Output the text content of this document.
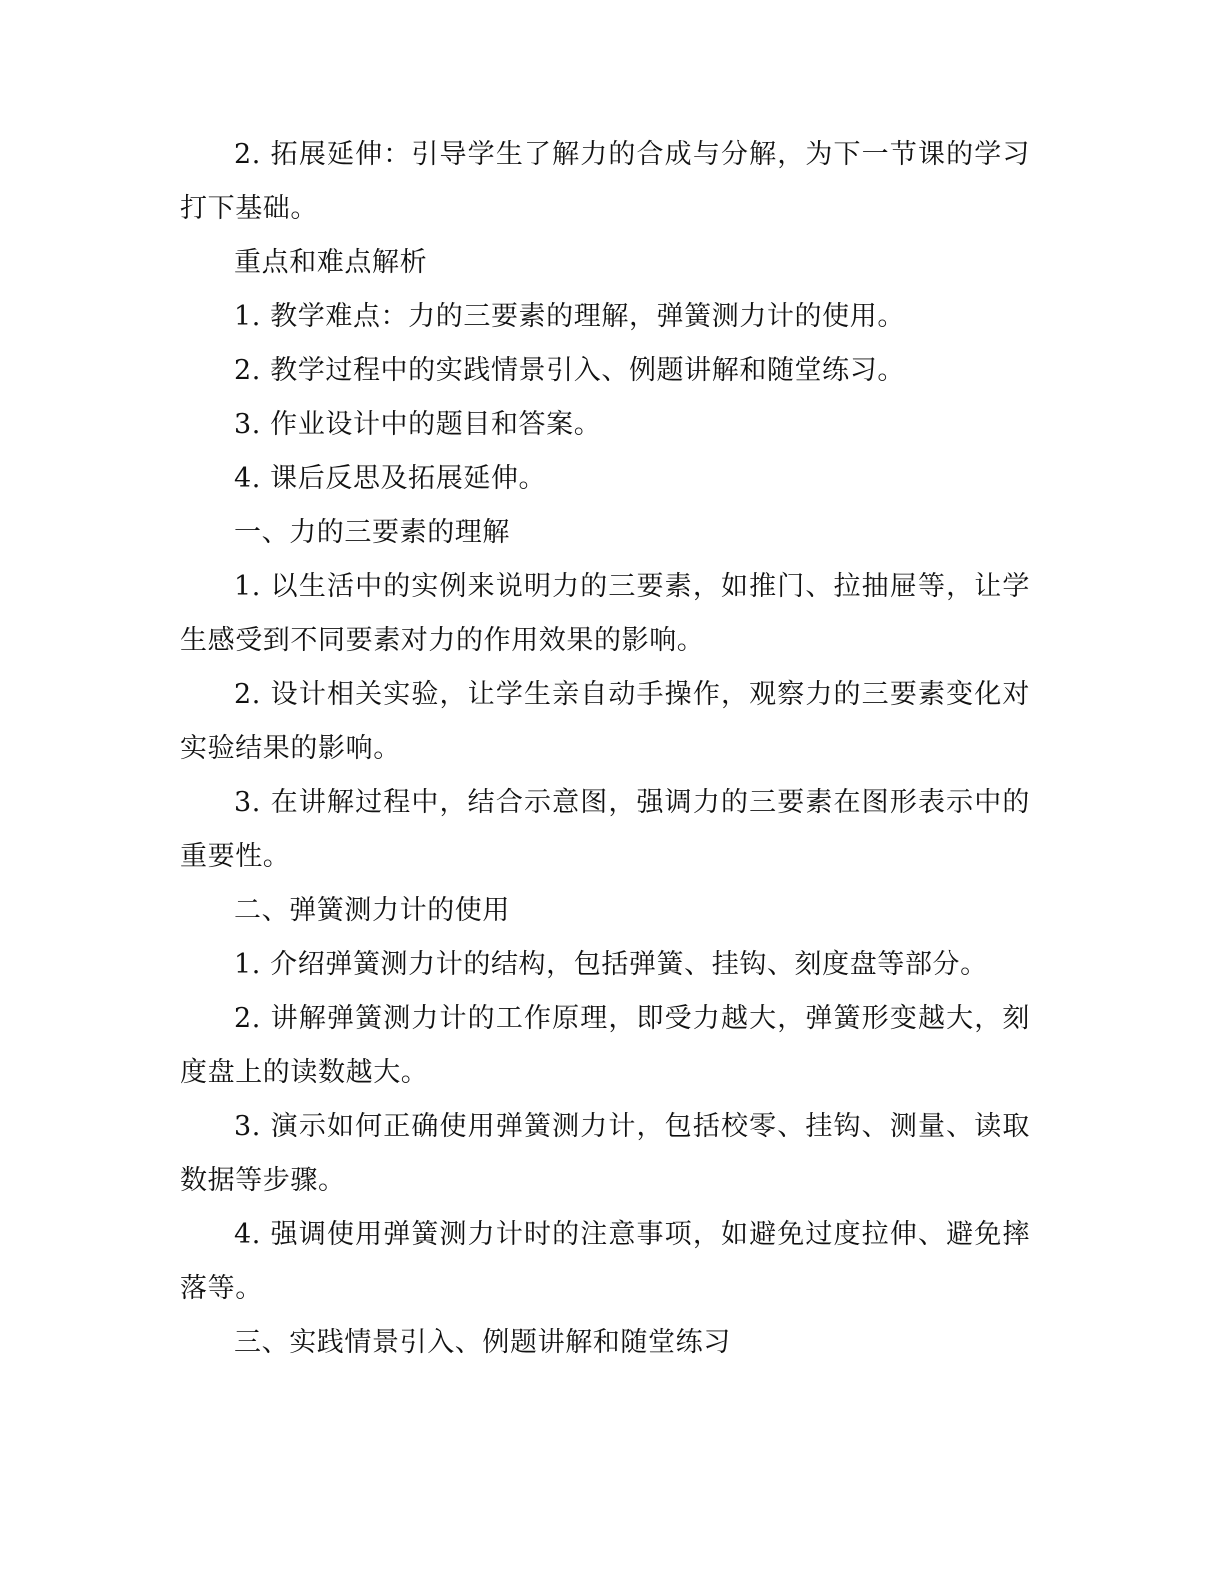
2. 拓展延伸：引导学生了解力的合成与分解，为下一节课的学习打下基础。

重点和难点解析

1. 教学难点：力的三要素的理解，弹簧测力计的使用。

2. 教学过程中的实践情景引入、例题讲解和随堂练习。

3. 作业设计中的题目和答案。

4. 课后反思及拓展延伸。

一、力的三要素的理解

1. 以生活中的实例来说明力的三要素，如推门、拉抽屉等，让学生感受到不同要素对力的作用效果的影响。

2. 设计相关实验，让学生亲自动手操作，观察力的三要素变化对实验结果的影响。

3. 在讲解过程中，结合示意图，强调力的三要素在图形表示中的重要性。

二、弹簧测力计的使用

1. 介绍弹簧测力计的结构，包括弹簧、挂钩、刻度盘等部分。

2. 讲解弹簧测力计的工作原理，即受力越大，弹簧形变越大，刻度盘上的读数越大。

3. 演示如何正确使用弹簧测力计，包括校零、挂钩、测量、读取数据等步骤。

4. 强调使用弹簧测力计时的注意事项，如避免过度拉伸、避免摔落等。

三、实践情景引入、例题讲解和随堂练习
